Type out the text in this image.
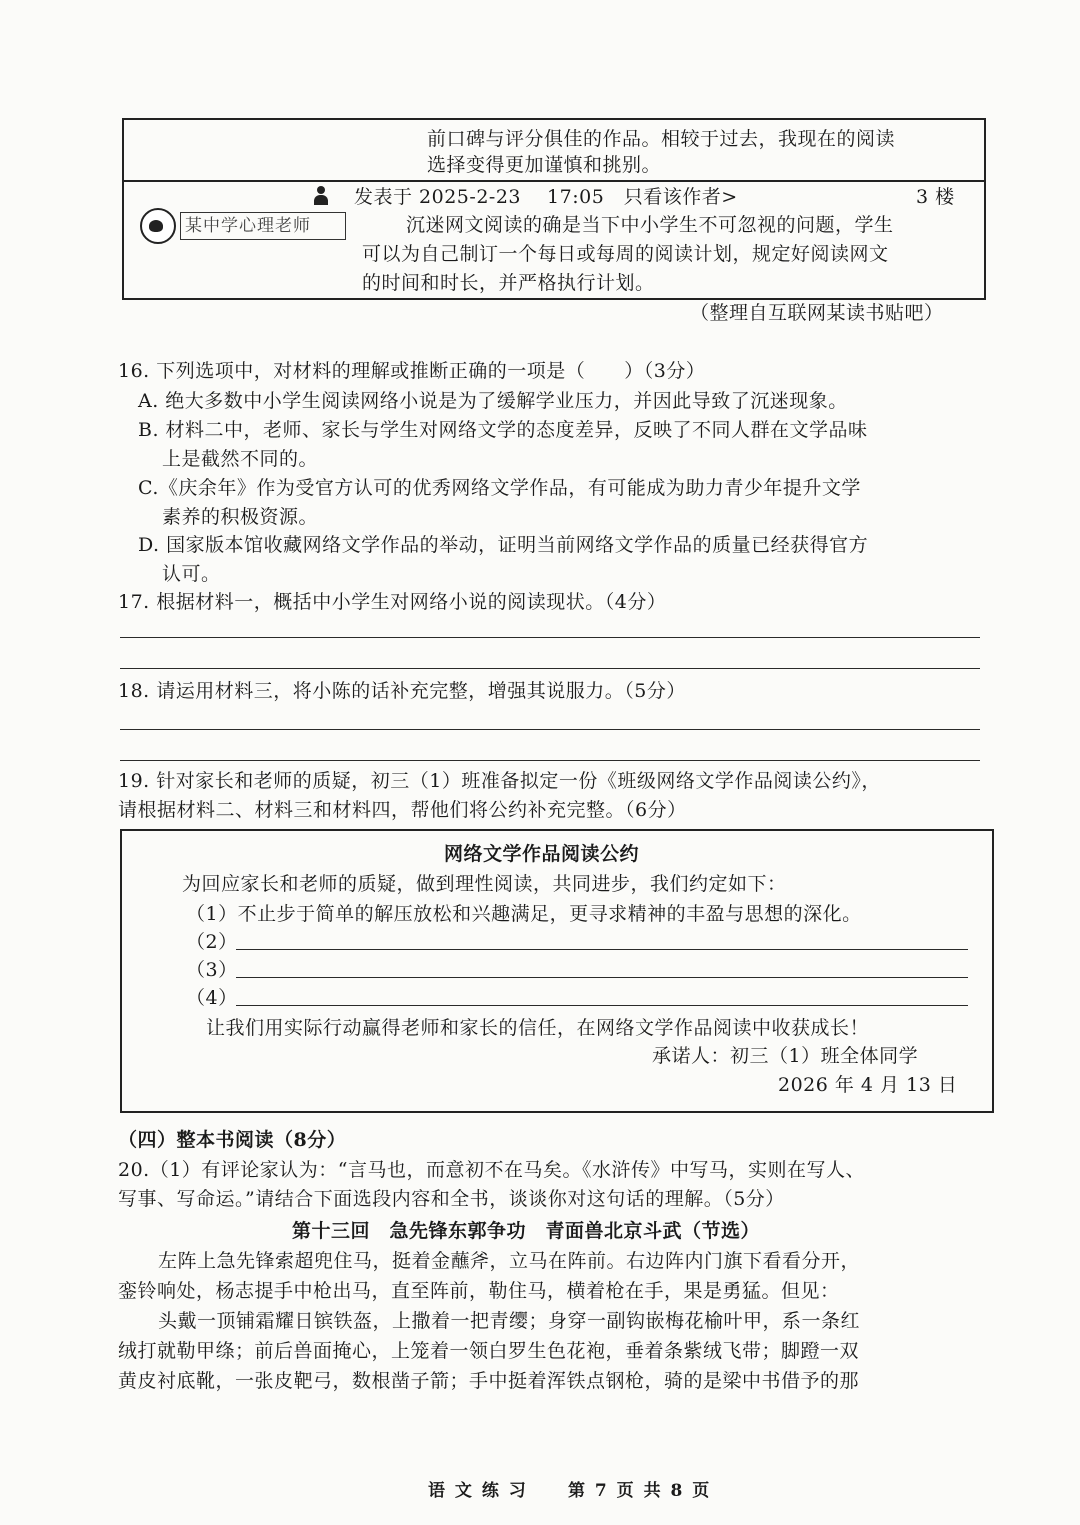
前口碑与评分俱佳的作品。相较于过去，我现在的阅读
选择变得更加谨慎和挑别。
发表于 2025-2-23　 17:05　只看该作者>	3 楼
某中学心理老师	沉迷网文阅读的确是当下中小学生不可忽视的问题，学生
可以为自己制订一个每日或每周的阅读计划，规定好阅读网文
的时间和时长，并严格执行计划。
（整理自互联网某读书贴吧）
16. 下列选项中，对材料的理解或推断正确的一项是（　　）（3分）
A. 绝大多数中小学生阅读网络小说是为了缓解学业压力，并因此导致了沉迷现象。
B. 材料二中，老师、家长与学生对网络文学的态度差异，反映了不同人群在文学品味
上是截然不同的。
C.《庆余年》作为受官方认可的优秀网络文学作品，有可能成为助力青少年提升文学
素养的积极资源。
D. 国家版本馆收藏网络文学作品的举动，证明当前网络文学作品的质量已经获得官方
认可。
17. 根据材料一，概括中小学生对网络小说的阅读现状。（4分）
18. 请运用材料三，将小陈的话补充完整，增强其说服力。（5分）
19. 针对家长和老师的质疑，初三（1）班准备拟定一份《班级网络文学作品阅读公约》，
请根据材料二、材料三和材料四，帮他们将公约补充完整。（6分）
网络文学作品阅读公约
为回应家长和老师的质疑，做到理性阅读，共同进步，我们约定如下：
（1）不止步于简单的解压放松和兴趣满足，更寻求精神的丰盈与思想的深化。
（2）
（3）
（4）
让我们用实际行动赢得老师和家长的信任，在网络文学作品阅读中收获成长！
承诺人：初三（1）班全体同学
2026 年 4 月 13 日
（四）整本书阅读（8分）
20.（1）有评论家认为：“言马也，而意初不在马矣。《水浒传》中写马，实则在写人、
写事、写命运。”请结合下面选段内容和全书，谈谈你对这句话的理解。（5分）
第十三回　急先锋东郭争功　青面兽北京斗武（节选）
左阵上急先锋索超兜住马，挺着金蘸斧，立马在阵前。右边阵内门旗下看看分开，
銮铃响处，杨志提手中枪出马，直至阵前，勒住马，横着枪在手，果是勇猛。但见：
头戴一顶铺霜耀日镔铁盔，上撒着一把青缨；身穿一副钩嵌梅花榆叶甲，系一条红
绒打就勒甲绦；前后兽面掩心，上笼着一领白罗生色花袍，垂着条紫绒飞带；脚蹬一双
黄皮衬底靴，一张皮靶弓，数根凿子箭；手中挺着浑铁点钢枪，骑的是梁中书借予的那
语 文 练 习 第 7 页 共 8 页
